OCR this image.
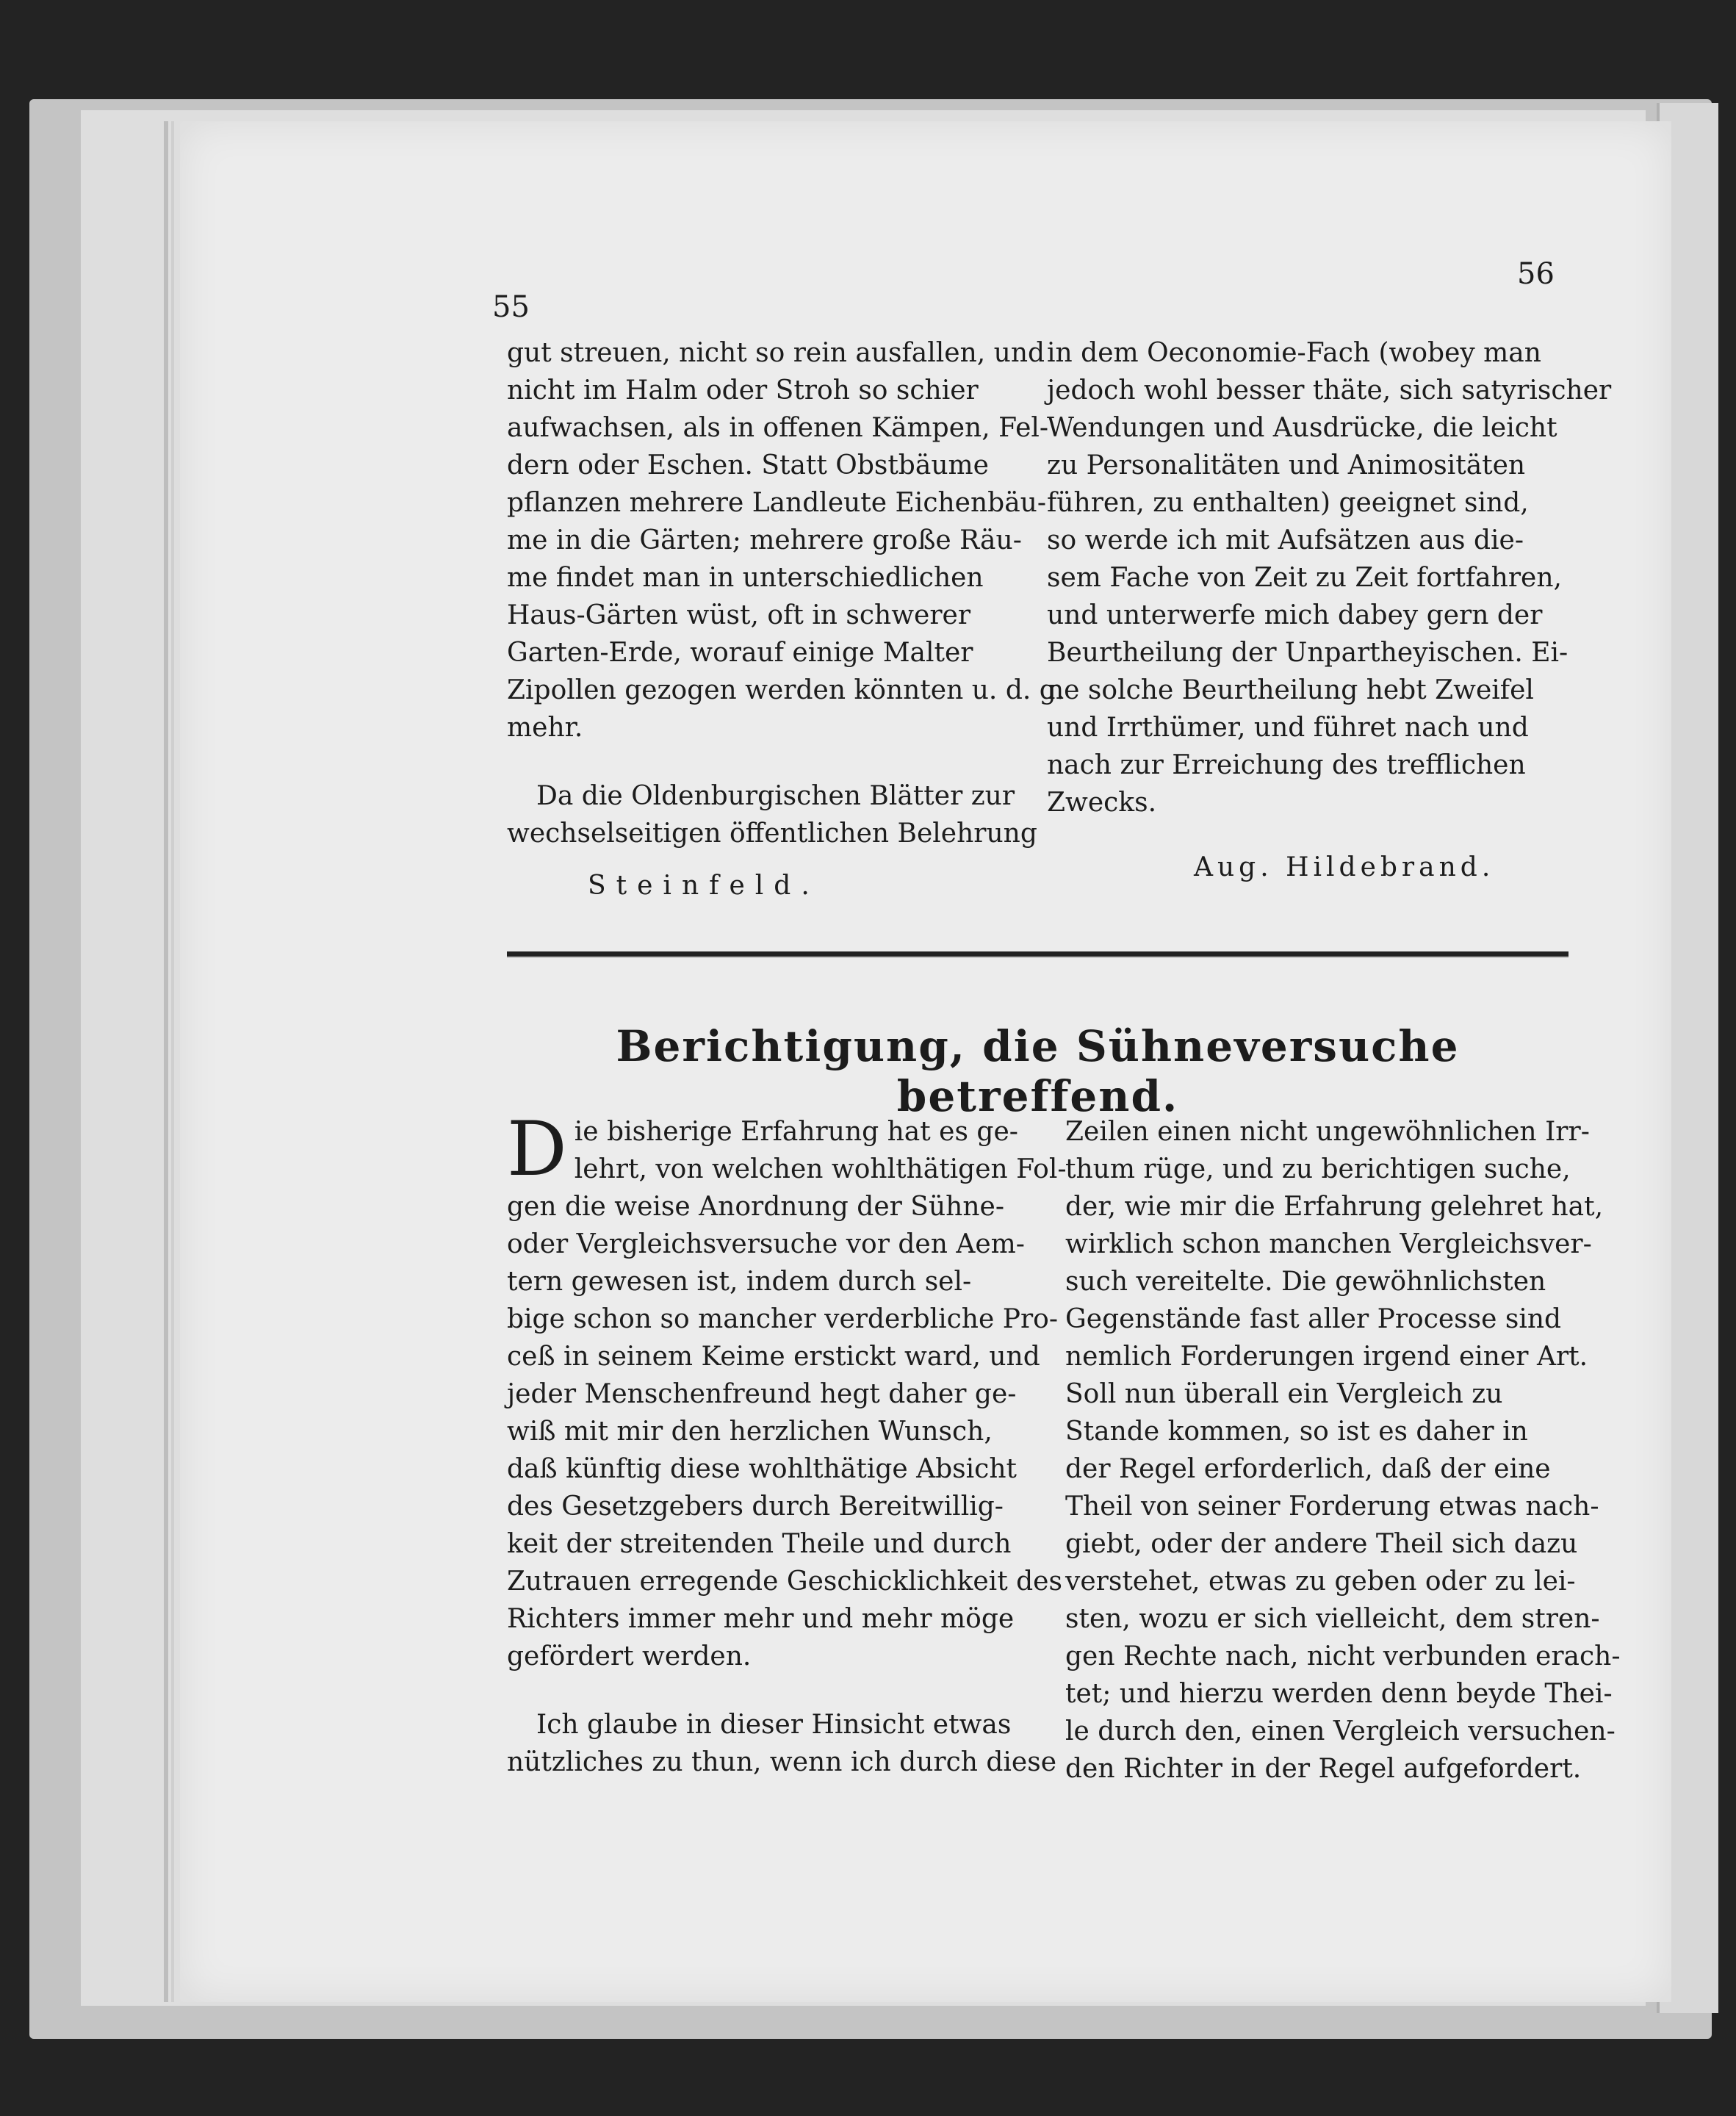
55
56
gut streuen, nicht so rein ausfallen, und
nicht im Halm oder Stroh so schier
aufwachsen, als in offenen Kämpen, Fel-
dern oder Eschen. Statt Obstbäume
pflanzen mehrere Landleute Eichenbäu-
me in die Gärten; mehrere große Räu-
me findet man in unterschiedlichen
Haus-Gärten wüst, oft in schwerer
Garten-Erde, worauf einige Malter
Zipollen gezogen werden könnten u. d. g.
mehr.
Da die Oldenburgischen Blätter zur
wechselseitigen öffentlichen Belehrung
Steinfeld.
in dem Oeconomie-Fach (wobey man
jedoch wohl besser thäte, sich satyrischer
Wendungen und Ausdrücke, die leicht
zu Personalitäten und Animositäten
führen, zu enthalten) geeignet sind,
so werde ich mit Aufsätzen aus die-
sem Fache von Zeit zu Zeit fortfahren,
und unterwerfe mich dabey gern der
Beurtheilung der Unpartheyischen. Ei-
ne solche Beurtheilung hebt Zweifel
und Irrthümer, und führet nach und
nach zur Erreichung des trefflichen
Zwecks.
Aug. Hildebrand.
Berichtigung, die Sühneversuche betreffend.
D ie bisherige Erfahrung hat es ge-
lehrt, von welchen wohlthätigen Fol-
gen die weise Anordnung der Sühne-
oder Vergleichsversuche vor den Aem-
tern gewesen ist, indem durch sel-
bige schon so mancher verderbliche Pro-
ceß in seinem Keime erstickt ward, und
jeder Menschenfreund hegt daher ge-
wiß mit mir den herzlichen Wunsch,
daß künftig diese wohlthätige Absicht
des Gesetzgebers durch Bereitwillig-
keit der streitenden Theile und durch
Zutrauen erregende Geschicklichkeit des
Richters immer mehr und mehr möge
gefördert werden.
Ich glaube in dieser Hinsicht etwas
nützliches zu thun, wenn ich durch diese
Zeilen einen nicht ungewöhnlichen Irr-
thum rüge, und zu berichtigen suche,
der, wie mir die Erfahrung gelehret hat,
wirklich schon manchen Vergleichsver-
such vereitelte. Die gewöhnlichsten
Gegenstände fast aller Processe sind
nemlich Forderungen irgend einer Art.
Soll nun überall ein Vergleich zu
Stande kommen, so ist es daher in
der Regel erforderlich, daß der eine
Theil von seiner Forderung etwas nach-
giebt, oder der andere Theil sich dazu
verstehet, etwas zu geben oder zu lei-
sten, wozu er sich vielleicht, dem stren-
gen Rechte nach, nicht verbunden erach-
tet; und hierzu werden denn beyde Thei-
le durch den, einen Vergleich versuchen-
den Richter in der Regel aufgefordert.
